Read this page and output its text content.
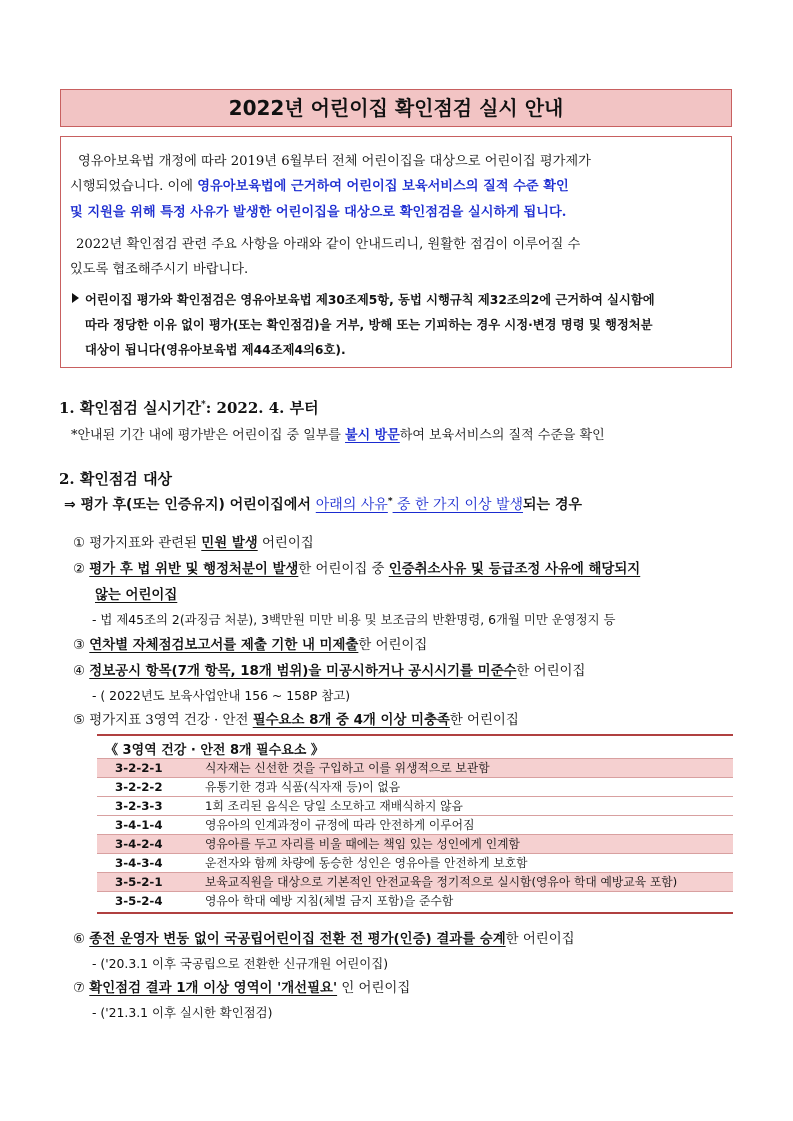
2022년 어린이집 확인점검 실시 안내
영유아보육법 개정에 따라 2019년 6월부터 전체 어린이집을 대상으로 어린이집 평가제가
시행되었습니다. 이에 영유아보육법에 근거하여 어린이집 보육서비스의 질적 수준 확인
및 지원을 위해 특정 사유가 발생한 어린이집을 대상으로 확인점검을 실시하게 됩니다.
2022년 확인점검 관련 주요 사항을 아래와 같이 안내드리니, 원활한 점검이 이루어질 수
있도록 협조해주시기 바랍니다.
어린이집 평가와 확인점검은 영유아보육법 제30조제5항, 동법 시행규칙 제32조의2에 근거하여 실시함에
따라 정당한 이유 없이 평가(또는 확인점검)을 거부, 방해 또는 기피하는 경우 시정·변경 명령 및 행정처분
대상이 됩니다(영유아보육법 제44조제4의6호).
1. 확인점검 실시기간*: 2022. 4. 부터
*안내된 기간 내에 평가받은 어린이집 중 일부를 불시 방문하여 보육서비스의 질적 수준을 확인
2. 확인점검 대상
⇒ 평가 후(또는 인증유지) 어린이집에서 아래의 사유* 중 한 가지 이상 발생되는 경우
① 평가지표와 관련된 민원 발생 어린이집
② 평가 후 법 위반 및 행정처분이 발생한 어린이집 중 인증취소사유 및 등급조정 사유에 해당되지
않는 어린이집
- 법 제45조의 2(과징금 처분), 3백만원 미만 비용 및 보조금의 반환명령, 6개월 미만 운영정지 등
③ 연차별 자체점검보고서를 제출 기한 내 미제출한 어린이집
④ 정보공시 항목(7개 항목, 18개 범위)을 미공시하거나 공시시기를 미준수한 어린이집
- ( 2022년도 보육사업안내 156 ~ 158P 참고)
⑤ 평가지표 3영역 건강 · 안전 필수요소 8개 중 4개 이상 미충족한 어린이집
《 3영역 건강 · 안전 8개 필수요소 》
3-2-2-1	식자재는 신선한 것을 구입하고 이를 위생적으로 보관함
3-2-2-2	유통기한 경과 식품(식자재 등)이 없음
3-2-3-3	1회 조리된 음식은 당일 소모하고 재배식하지 않음
3-4-1-4	영유아의 인계과정이 규정에 따라 안전하게 이루어짐
3-4-2-4	영유아를 두고 자리를 비울 때에는 책임 있는 성인에게 인계함
3-4-3-4	운전자와 함께 차량에 동승한 성인은 영유아를 안전하게 보호함
3-5-2-1	보육교직원을 대상으로 기본적인 안전교육을 정기적으로 실시함(영유아 학대 예방교육 포함)
3-5-2-4	영유아 학대 예방 지침(체벌 금지 포함)을 준수함
⑥ 종전 운영자 변동 없이 국공립어린이집 전환 전 평가(인증) 결과를 승계한 어린이집
- ('20.3.1 이후 국공립으로 전환한 신규개원 어린이집)
⑦ 확인점검 결과 1개 이상 영역이 '개선필요' 인 어린이집
- ('21.3.1 이후 실시한 확인점검)
